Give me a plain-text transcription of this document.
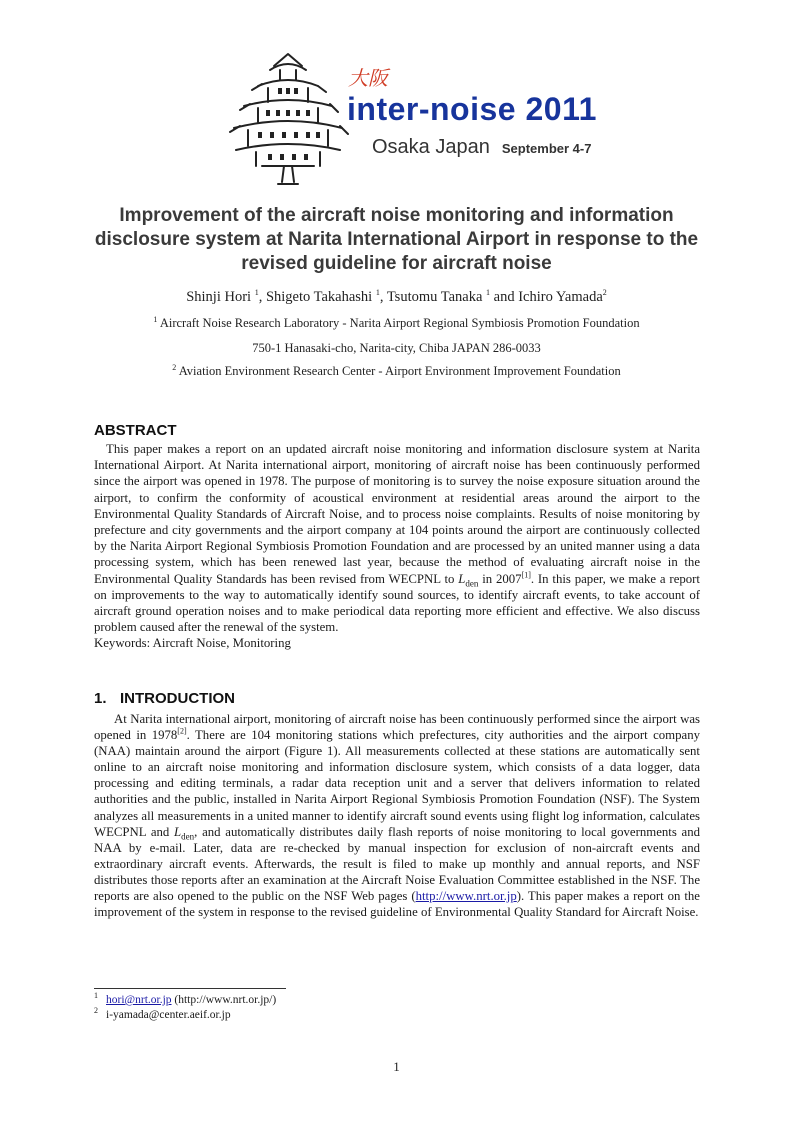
大阪
inter-noise 2011
Osaka Japan September 4-7
Improvement of the aircraft noise monitoring and information
disclosure system at Narita International Airport in response to the
revised guideline for aircraft noise
Shinji Hori $^1$, Shigeto Takahashi $^1$, Tsutomu Tanaka $^1$ and Ichiro Yamada$^2$
$^1$ Aircraft Noise Research Laboratory - Narita Airport Regional Symbiosis Promotion Foundation
750-1 Hanasaki-cho, Narita-city, Chiba JAPAN 286-0033
$^2$ Aviation Environment Research Center - Airport Environment Improvement Foundation
ABSTRACT
This paper makes a report on an updated aircraft noise monitoring and information disclosure system at Narita International Airport. At Narita international airport, monitoring of aircraft noise has been continuously performed since the airport was opened in 1978. The purpose of monitoring is to survey the noise exposure situation around the airport, to confirm the conformity of acoustical environment at residential areas around the airport to the Environmental Quality Standards of Aircraft Noise, and to process noise complaints. Results of noise monitoring by prefecture and city governments and the airport company at 104 points around the airport are continuously collected by the Narita Airport Regional Symbiosis Promotion Foundation and are processed by an united manner using a data processing system, which has been renewed last year, because the method of evaluating aircraft noise in the Environmental Quality Standards has been revised from WECPNL to $L_{den}$ in 2007[1]. In this paper, we make a report on improvements to the way to automatically identify sound sources, to identify aircraft events, to take account of aircraft ground operation noises and to make periodical data reporting more efficient and effective. We also discuss problem caused after the renewal of the system.
Keywords: Aircraft Noise, Monitoring
1. INTRODUCTION
At Narita international airport, monitoring of aircraft noise has been continuously performed since the airport was opened in 1978[2]. There are 104 monitoring stations which prefectures, city authorities and the airport company (NAA) maintain around the airport (Figure 1). All measurements collected at these stations are automatically sent online to an aircraft noise monitoring and information disclosure system, which consists of a data logger, data processing and editing terminals, a radar data reception unit and a server that delivers information to related authorities and the public, installed in Narita Airport Regional Symbiosis Promotion Foundation (NSF). The System analyzes all measurements in a united manner to identify aircraft sound events using flight log information, calculates WECPNL and $L_{den}$, and automatically distributes daily flash reports of noise monitoring to local governments and NAA by e-mail. Later, data are re-checked by manual inspection for exclusion of non-aircraft events and extraordinary aircraft events. Afterwards, the result is filed to make up monthly and annual reports, and NSF distributes those reports after an examination at the Aircraft Noise Evaluation Committee established in the NSF. The reports are also opened to the public on the NSF Web pages (http://www.nrt.or.jp). This paper makes a report on the improvement of the system in response to the revised guideline of Environmental Quality Standard for Aircraft Noise.
1 hori@nrt.or.jp (http://www.nrt.or.jp/)
2 i-yamada@center.aeif.or.jp
1
